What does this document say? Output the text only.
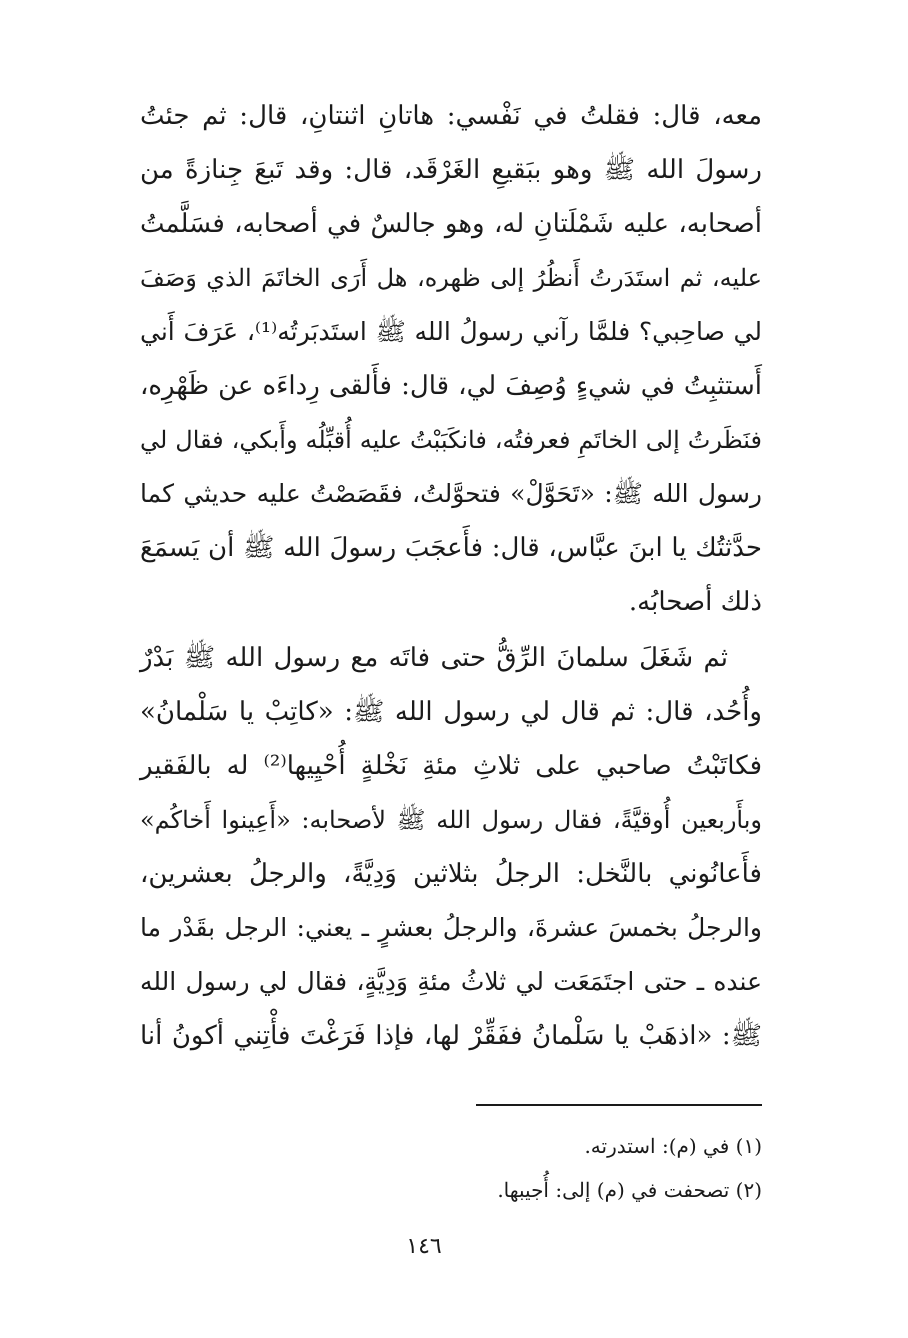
معه، قال: فقلتُ في نَفْسي: هاتانِ اثنتانِ، قال: ثم جئتُ
رسولَ الله ﷺ وهو ببَقيعِ الغَرْقَد، قال: وقد تَبعَ جِنازةً من
أصحابه، عليه شَمْلَتانِ له، وهو جالسٌ في أصحابه، فسَلَّمتُ
عليه، ثم استَدَرتُ أَنظُرُ إلى ظهره، هل أَرَى الخاتَمَ الذي وَصَفَ
لي صاحِبي؟ فلمَّا رآني رسولُ الله ﷺ استَدبَرتُه⁽¹⁾، عَرَفَ أَني
أَستثبِتُ في شيءٍ وُصِفَ لي، قال: فأَلقى رِداءَه عن ظَهْرِه،
فنَظَرتُ إلى الخاتَمِ فعرفتُه، فانكَبَبْتُ عليه أُقبِّلُه وأَبكي، فقال لي
رسول الله ﷺ: «تَحَوَّلْ» فتحوَّلتُ، فقَصَصْتُ عليه حديثي كما
حدَّثتُك يا ابنَ عبَّاس، قال: فأَعجَبَ رسولَ الله ﷺ أن يَسمَعَ
ذلك أصحابُه.
ثم شَغَلَ سلمانَ الرِّقُّ حتى فاتَه مع رسول الله ﷺ بَدْرٌ
وأُحُد، قال: ثم قال لي رسول الله ﷺ: «كاتِبْ يا سَلْمانُ»
فكاتَبْتُ صاحبي على ثلاثِ مئةِ نَخْلةٍ أُحْيِيها⁽²⁾ له بالفَقير
وبأَربعين أُوقيَّةً، فقال رسول الله ﷺ لأصحابه: «أَعِينوا أَخاكُم»
فأَعانُوني بالنَّخل: الرجلُ بثلاثين وَدِيَّةً، والرجلُ بعشرين،
والرجلُ بخمسَ عشرةَ، والرجلُ بعشرٍ ـ يعني: الرجل بقَدْر ما
عنده ـ حتى اجتَمَعَت لي ثلاثُ مئةِ وَدِيَّةٍ، فقال لي رسول الله
ﷺ: «اذهَبْ يا سَلْمانُ ففَقِّرْ لها، فإذا فَرَغْتَ فأْتِني أكونُ أنا
(١) في (م): استدرته.
(٢) تصحفت في (م) إلى: أُجيبها.
١٤٦
